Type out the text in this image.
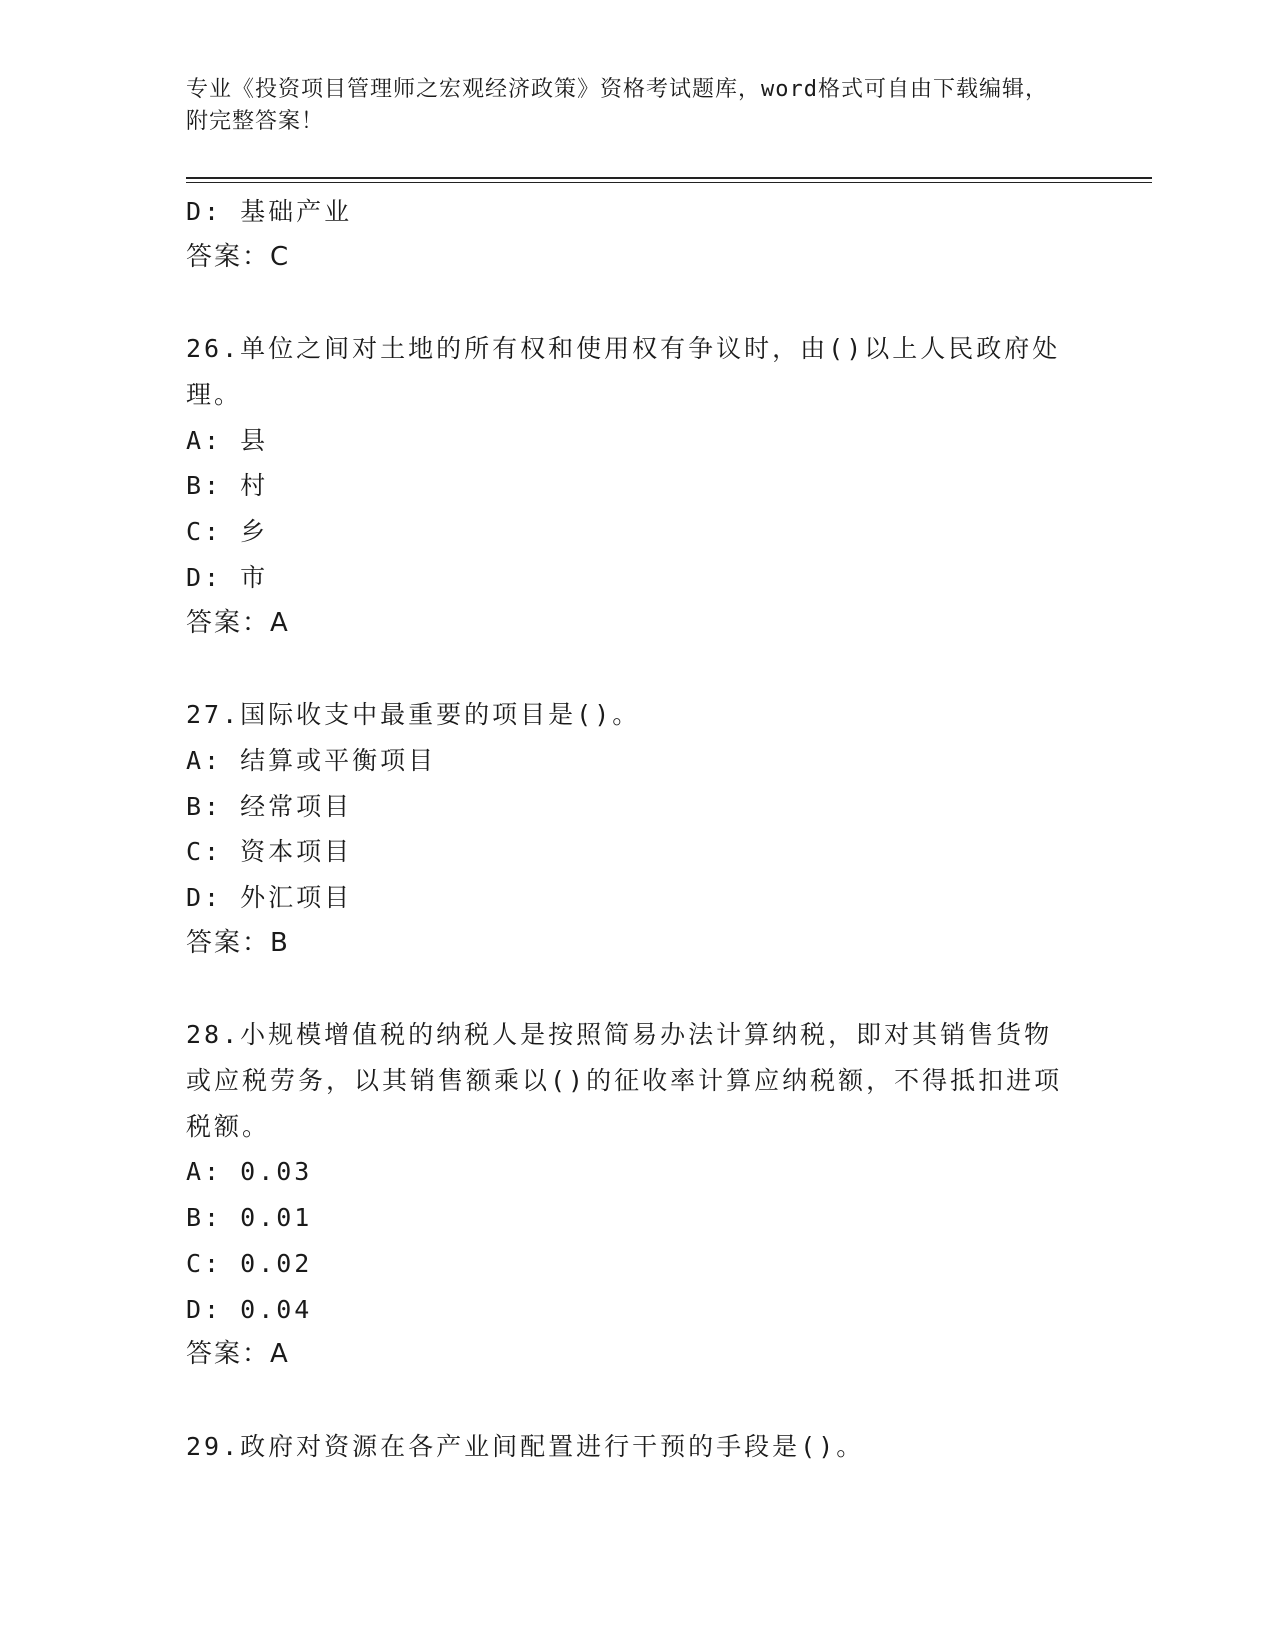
专业《投资项目管理师之宏观经济政策》资格考试题库，word格式可自由下载编辑，附完整答案！
D: 基础产业
答案：C
26.单位之间对土地的所有权和使用权有争议时，由()以上人民政府处理。
A: 县
B: 村
C: 乡
D: 市
答案：A
27.国际收支中最重要的项目是()。
A: 结算或平衡项目
B: 经常项目
C: 资本项目
D: 外汇项目
答案：B
28.小规模增值税的纳税人是按照简易办法计算纳税，即对其销售货物或应税劳务，以其销售额乘以()的征收率计算应纳税额，不得抵扣进项税额。
A: 0.03
B: 0.01
C: 0.02
D: 0.04
答案：A
29.政府对资源在各产业间配置进行干预的手段是()。
